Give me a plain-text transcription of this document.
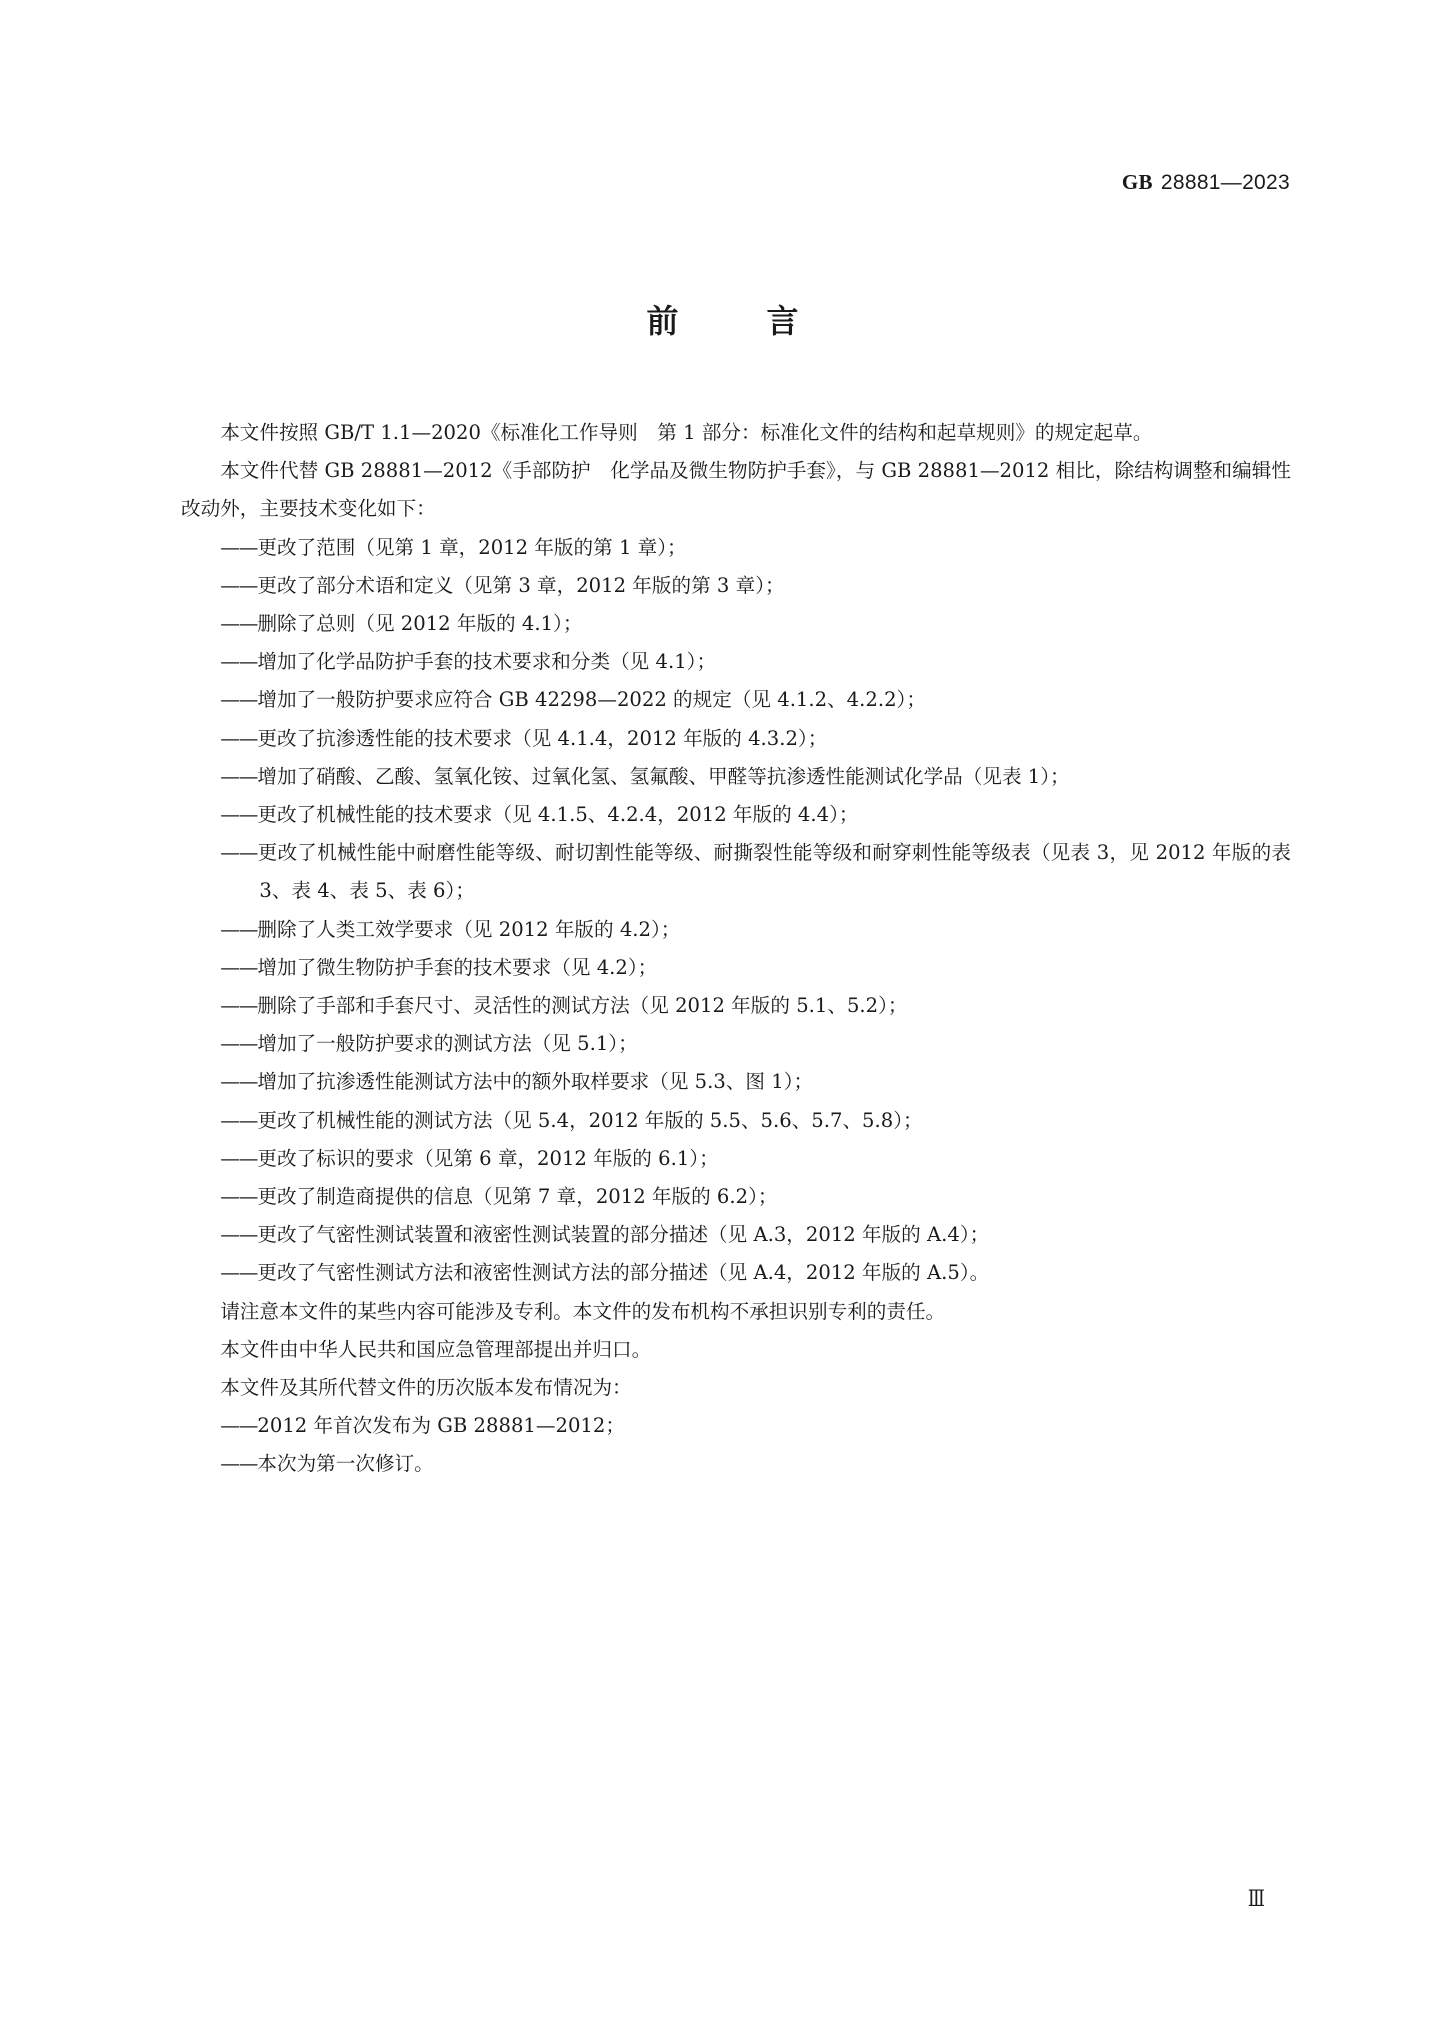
GB 28881—2023
前	言

本文件按照 GB/T 1.1—2020《标准化工作导则　第 1 部分：标准化文件的结构和起草规则》的规定起草。

本文件代替 GB 28881—2012《手部防护　化学品及微生物防护手套》，与 GB 28881—2012 相比，除结构调整和编辑性改动外，主要技术变化如下：

——更改了范围（见第 1 章，2012 年版的第 1 章）；

——更改了部分术语和定义（见第 3 章，2012 年版的第 3 章）；

——删除了总则（见 2012 年版的 4.1）；

——增加了化学品防护手套的技术要求和分类（见 4.1）；

——增加了一般防护要求应符合 GB 42298—2022 的规定（见 4.1.2、4.2.2）；

——更改了抗渗透性能的技术要求（见 4.1.4，2012 年版的 4.3.2）；

——增加了硝酸、乙酸、氢氧化铵、过氧化氢、氢氟酸、甲醛等抗渗透性能测试化学品（见表 1）；

——更改了机械性能的技术要求（见 4.1.5、4.2.4，2012 年版的 4.4）；

——更改了机械性能中耐磨性能等级、耐切割性能等级、耐撕裂性能等级和耐穿刺性能等级表（见表 3，见 2012 年版的表 3、表 4、表 5、表 6）；

——删除了人类工效学要求（见 2012 年版的 4.2）；

——增加了微生物防护手套的技术要求（见 4.2）；

——删除了手部和手套尺寸、灵活性的测试方法（见 2012 年版的 5.1、5.2）；

——增加了一般防护要求的测试方法（见 5.1）；

——增加了抗渗透性能测试方法中的额外取样要求（见 5.3、图 1）；

——更改了机械性能的测试方法（见 5.4，2012 年版的 5.5、5.6、5.7、5.8）；

——更改了标识的要求（见第 6 章，2012 年版的 6.1）；

——更改了制造商提供的信息（见第 7 章，2012 年版的 6.2）；

——更改了气密性测试装置和液密性测试装置的部分描述（见 A.3，2012 年版的 A.4）；

——更改了气密性测试方法和液密性测试方法的部分描述（见 A.4，2012 年版的 A.5）。

请注意本文件的某些内容可能涉及专利。本文件的发布机构不承担识别专利的责任。

本文件由中华人民共和国应急管理部提出并归口。

本文件及其所代替文件的历次版本发布情况为：

——2012 年首次发布为 GB 28881—2012；

——本次为第一次修订。

Ⅲ
